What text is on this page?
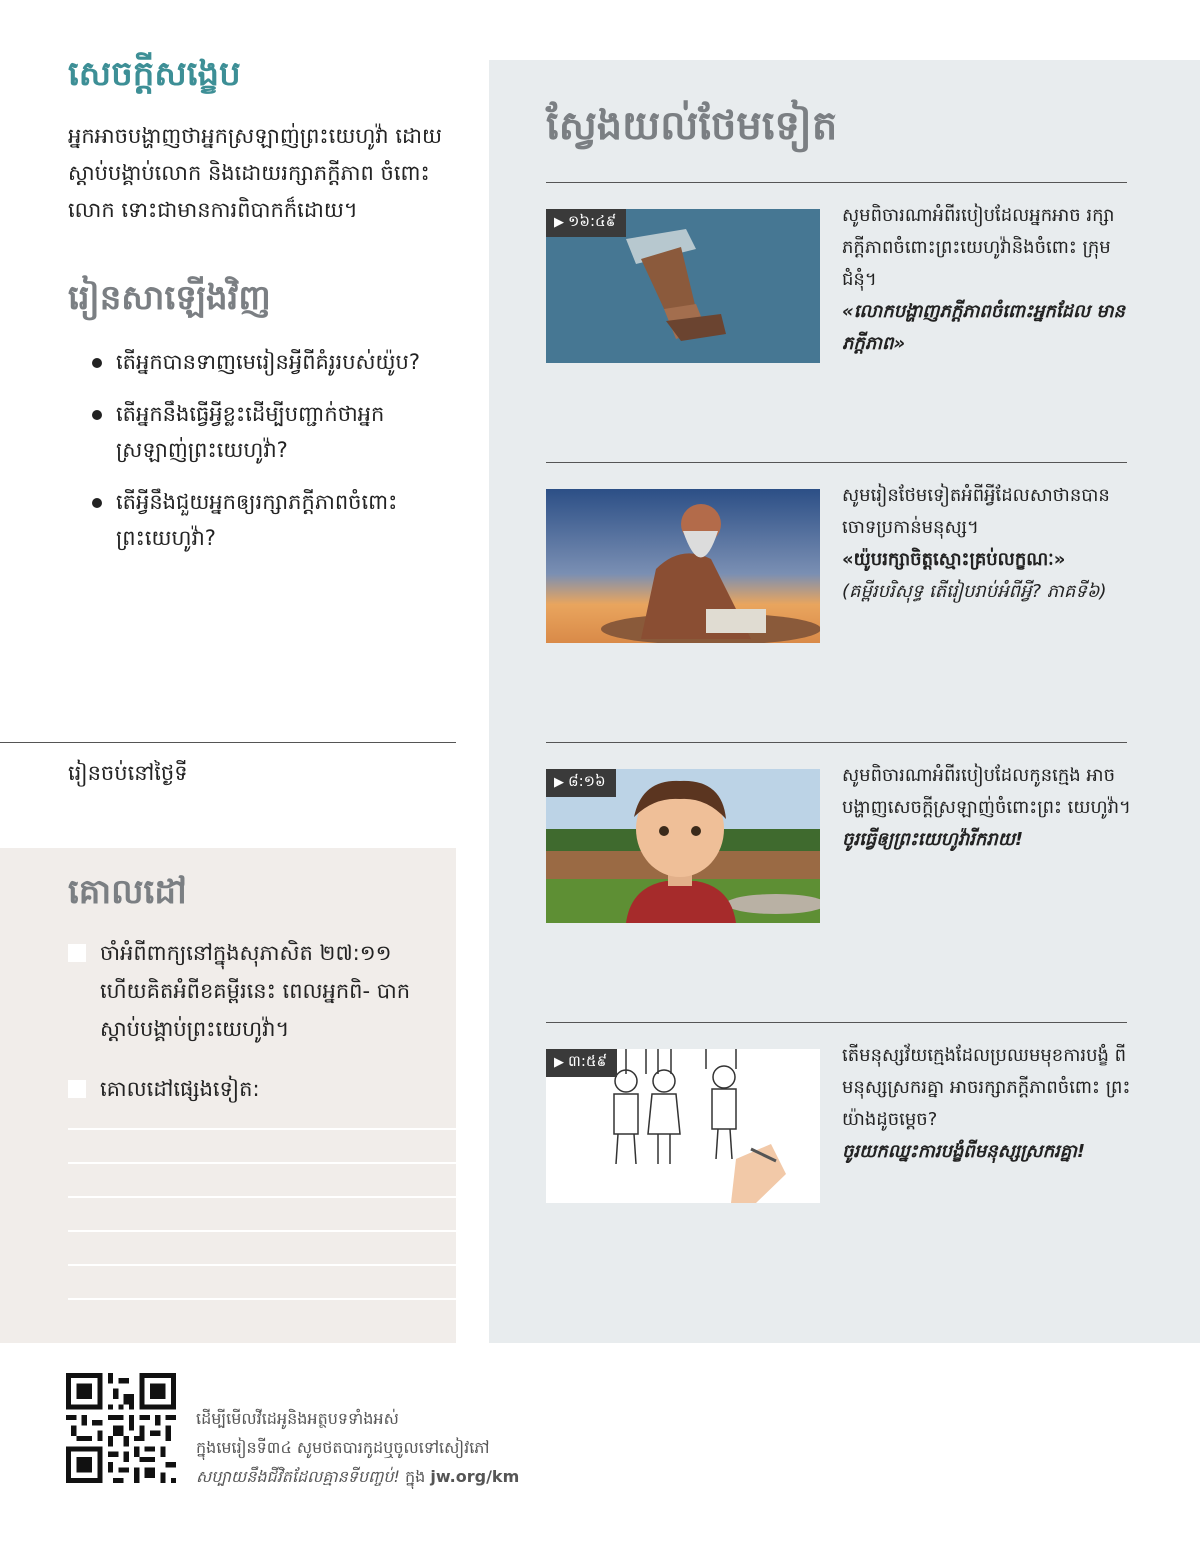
សេចក្ដីសង្ខេប

អ្នកអាចបង្ហាញថាអ្នកស្រឡាញ់ព្រះយេហូវ៉ា ដោយស្ដាប់បង្គាប់លោក និងដោយរក្សាភក្ដីភាព ចំពោះលោក ទោះជាមានការពិបាកក៏ដោយ។

រៀនសាឡើងវិញ
តើអ្នកបានទាញមេរៀនអ្វីពីគំរូរបស់យ៉ូប?
តើអ្នកនឹងធ្វើអ្វីខ្លះដើម្បីបញ្ជាក់ថាអ្នក ស្រឡាញ់ព្រះយេហូវ៉ា?
តើអ្វីនឹងជួយអ្នកឲ្យរក្សាភក្ដីភាពចំពោះ ព្រះយេហូវ៉ា?
រៀនចប់នៅថ្ងៃទី
គោលដៅ
ចាំអំពីពាក្យនៅក្នុងសុភាសិត ២៧:១១ ហើយគិតអំពីខគម្ពីរនេះ ពេលអ្នកពិ- បាកស្ដាប់បង្គាប់ព្រះយេហូវ៉ា។
គោលដៅផ្សេងទៀត:
ស្វែងយល់ថែមទៀត
▶ ១៦:៤៩	សូមពិចារណាអំពីរបៀបដែលអ្នកអាច រក្សាភក្ដីភាពចំពោះព្រះយេហូវ៉ានិងចំពោះ ក្រុមជំនុំ។
«លោកបង្ហាញភក្ដីភាពចំពោះអ្នកដែល មានភក្ដីភាព»
សូមរៀនថែមទៀតអំពីអ្វីដែលសាថានបាន ចោទប្រកាន់មនុស្ស។
«យ៉ូបរក្សាចិត្តស្មោះគ្រប់លក្ខណៈ»
(គម្ពីរបរិសុទ្ធ តើរៀបរាប់អំពីអ្វី? ភាគទី៦)
▶ ៨:១៦	សូមពិចារណាអំពីរបៀបដែលកូនក្មេង អាចបង្ហាញសេចក្ដីស្រឡាញ់ចំពោះព្រះ យេហូវ៉ា។
ចូរធ្វើឲ្យព្រះយេហូវ៉ារីករាយ!
▶ ៣:៥៩	តើមនុស្សវ័យក្មេងដែលប្រឈមមុខការបង្ខំ ពីមនុស្សស្រករគ្នា អាចរក្សាភក្ដីភាពចំពោះ ព្រះយ៉ាងដូចម្ដេច?
ចូរយកឈ្នះការបង្ខំពីមនុស្សស្រករគ្នា!
ដើម្បីមើលវីដេអូនិងអត្ថបទទាំងអស់
ក្នុងមេរៀនទី៣៤ សូមថតបារកូដឬចូលទៅសៀវភៅ
សប្បាយនឹងជីវិតដែលគ្មានទីបញ្ចប់! ក្នុង jw.org/km
